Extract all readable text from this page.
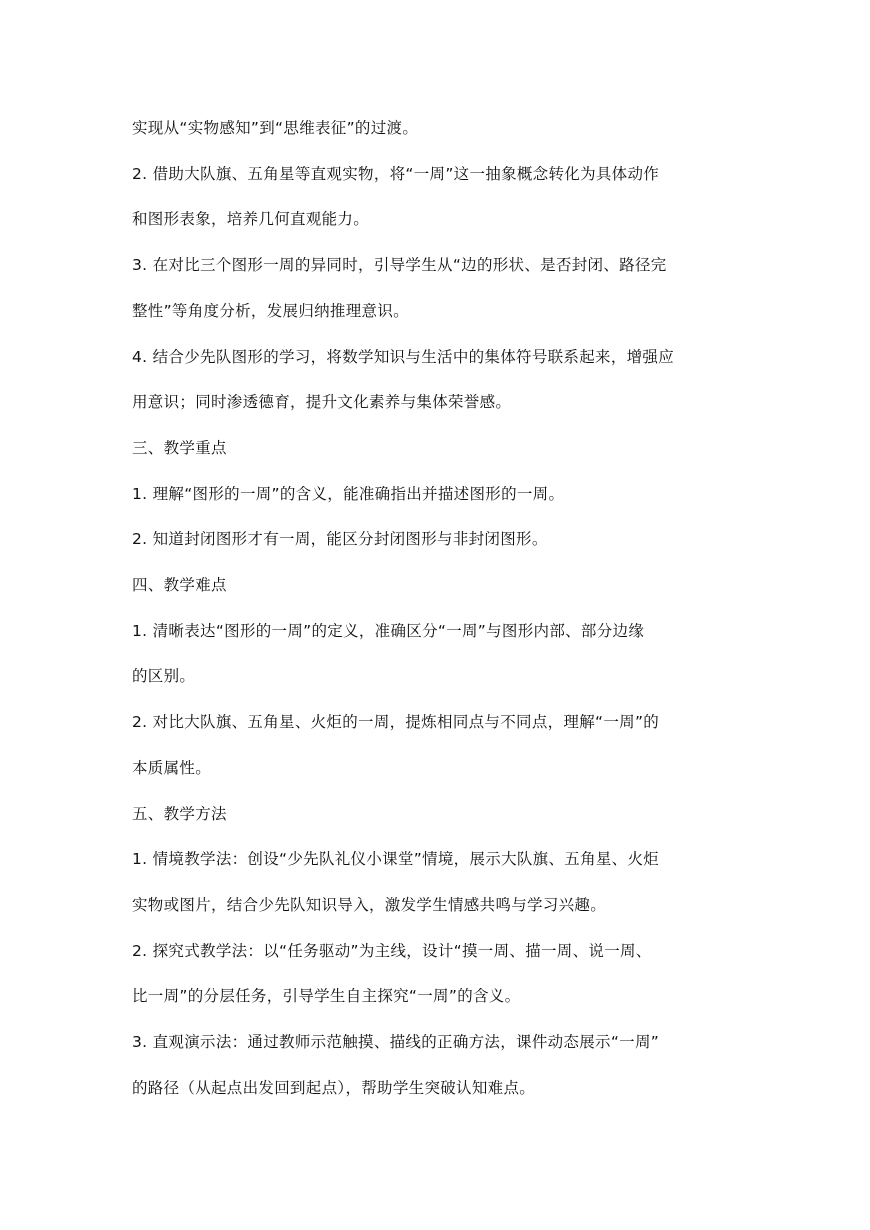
实现从“实物感知”到“思维表征”的过渡。
2. 借助大队旗、五角星等直观实物，将“一周”这一抽象概念转化为具体动作
和图形表象，培养几何直观能力。
3. 在对比三个图形一周的异同时，引导学生从“边的形状、是否封闭、路径完
整性”等角度分析，发展归纳推理意识。
4. 结合少先队图形的学习，将数学知识与生活中的集体符号联系起来，增强应
用意识；同时渗透德育，提升文化素养与集体荣誉感。
三、教学重点
1. 理解“图形的一周”的含义，能准确指出并描述图形的一周。
2. 知道封闭图形才有一周，能区分封闭图形与非封闭图形。
四、教学难点
1. 清晰表达“图形的一周”的定义，准确区分“一周”与图形内部、部分边缘
的区别。
2. 对比大队旗、五角星、火炬的一周，提炼相同点与不同点，理解“一周”的
本质属性。
五、教学方法
1. 情境教学法：创设“少先队礼仪小课堂”情境，展示大队旗、五角星、火炬
实物或图片，结合少先队知识导入，激发学生情感共鸣与学习兴趣。
2. 探究式教学法：以“任务驱动”为主线，设计“摸一周、描一周、说一周、
比一周”的分层任务，引导学生自主探究“一周”的含义。
3. 直观演示法：通过教师示范触摸、描线的正确方法，课件动态展示“一周”
的路径（从起点出发回到起点），帮助学生突破认知难点。
